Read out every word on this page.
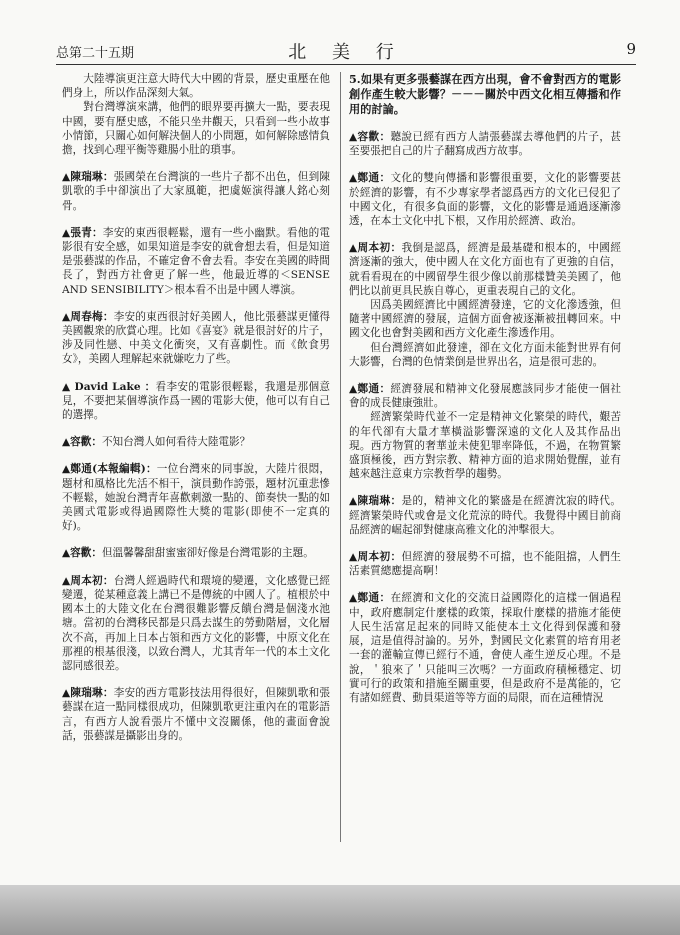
总第二十五期	北 美 行	9

大陸導演更注意大時代大中國的背景，歷史重壓在他們身上，所以作品深刻大氣。

對台灣導演來講，他們的眼界要再擴大一點，要表現中國，要有歷史感，不能只坐井觀天，只看到一些小故事小情節，只關心如何解決個人的小問題，如何解除感情負擔，找到心理平衡等雞腸小肚的瑣事。

▲陳瑞琳：張國榮在台灣演的一些片子都不出色，但到陳凱歌的手中卻演出了大家風範，把虞姬演得讓人銘心刻骨。

▲張青：李安的東西很輕鬆，還有一些小幽默。看他的電影很有安全感，如果知道是李安的就會想去看，但是知道是張藝謀的作品，不確定會不會去看。李安在美國的時間長了，對西方社會更了解一些，他最近導的＜SENSE AND SENSIBILITY＞根本看不出是中國人導演。

▲周春梅：李安的東西很討好美國人，他比張藝謀更懂得美國觀衆的欣賞心理。比如《喜宴》就是很討好的片子，涉及同性戀、中美文化衝突，又有喜劇性。而《飲食男女》，美國人理解起來就嫌吃力了些。

▲ David Lake ：看李安的電影很輕鬆，我還是那個意見，不要把某個導演作爲一國的電影大使，他可以有自己的選擇。

▲容歡：不知台灣人如何看待大陸電影？

▲鄭通(本報編輯)：一位台灣來的同事說，大陸片很悶，題材和風格比先活不相干，演員動作誇張，題材沉重悲慘不輕鬆，她說台灣青年喜歡刺激一點的、節奏快一點的如美國式電影或得過國際性大獎的電影(即使不一定真的好)。

▲容歡：但溫馨馨甜甜蜜蜜卻好像是台灣電影的主題。

▲周本初：台灣人經過時代和環境的變遷，文化感覺已經變遷，從某種意義上講已不是傳統的中國人了。植根於中國本土的大陸文化在台灣很難影響反饋台灣是個淺水池塘。當初的台灣移民都是只爲去謀生的勞動階層，文化層次不高，再加上日本占領和西方文化的影響，中原文化在那裡的根基很淺，以致台灣人，尤其青年一代的本土文化認同感很差。

▲陳瑞琳：李安的西方電影技法用得很好，但陳凱歌和張藝謀在這一點同樣很成功，但陳凱歌更注重內在的電影語言，有西方人說看張片不懂中文沒關係，他的畫面會說話，張藝謀是攝影出身的。

5.如果有更多張藝謀在西方出現，會不會對西方的電影創作產生較大影響？－－－關於中西文化相互傳播和作用的討論。

▲容歡：聽說已經有西方人請張藝謀去導他們的片子，甚至要張把自己的片子翻寫成西方故事。

▲鄭通：文化的雙向傳播和影響很重要，文化的影響要甚於經濟的影響，有不少專家學者認爲西方的文化已侵犯了中國文化，有很多負面的影響，文化的影響是通過逐漸滲透，在本土文化中扎下根，又作用於經濟、政治。

▲周本初：我倒是認爲，經濟是最基礎和根本的，中國經濟逐漸的強大，使中國人在文化方面也有了更強的自信，就看看現在的中國留學生很少像以前那樣贊美美國了，他們比以前更具民族自尊心，更重表現自己的文化。

因爲美國經濟比中國經濟發達，它的文化滲透強，但隨著中國經濟的發展，這個方面會被逐漸被扭轉回來。中國文化也會對美國和西方文化產生滲透作用。

但台灣經濟如此發達，卻在文化方面未能對世界有何大影響，台灣的色情業倒是世界出名，這是很可悲的。

▲鄭通：經濟發展和精神文化發展應該同步才能使一個社會的成長健康強壯。

經濟繁榮時代並不一定是精神文化繁榮的時代，艱苦的年代卻有大量才華橫溢影響深遠的文化人及其作品出現。西方物質的奢華並未使犯罪率降低，不過，在物質繁盛頂極後，西方對宗教、精神方面的追求開始覺醒，並有越來越注意東方宗教哲學的趨勢。

▲陳瑞琳：是的，精神文化的繁盛是在經濟沈寂的時代。經濟繁榮時代或會是文化荒涼的時代。我覺得中國目前商品經濟的崛起卻對健康高雅文化的沖擊很大。

▲周本初：但經濟的發展勢不可擋，也不能阻擋，人們生活素質總應提高啊！

▲鄭通：在經濟和文化的交流日益國際化的這樣一個過程中，政府應制定什麼樣的政策，採取什麼樣的措施才能使人民生活富足起來的同時又能使本土文化得到保護和發展，這是值得討論的。另外，對國民文化素質的培育用老一套的灌輸宣傳已經行不通，會使人產生逆反心理。不是說，＇狼來了＇只能叫三次嗎？一方面政府積極穩定、切實可行的政策和措施至關重要，但是政府不是萬能的，它有諸如經費、動員渠道等等方面的局限，而在這種情況
